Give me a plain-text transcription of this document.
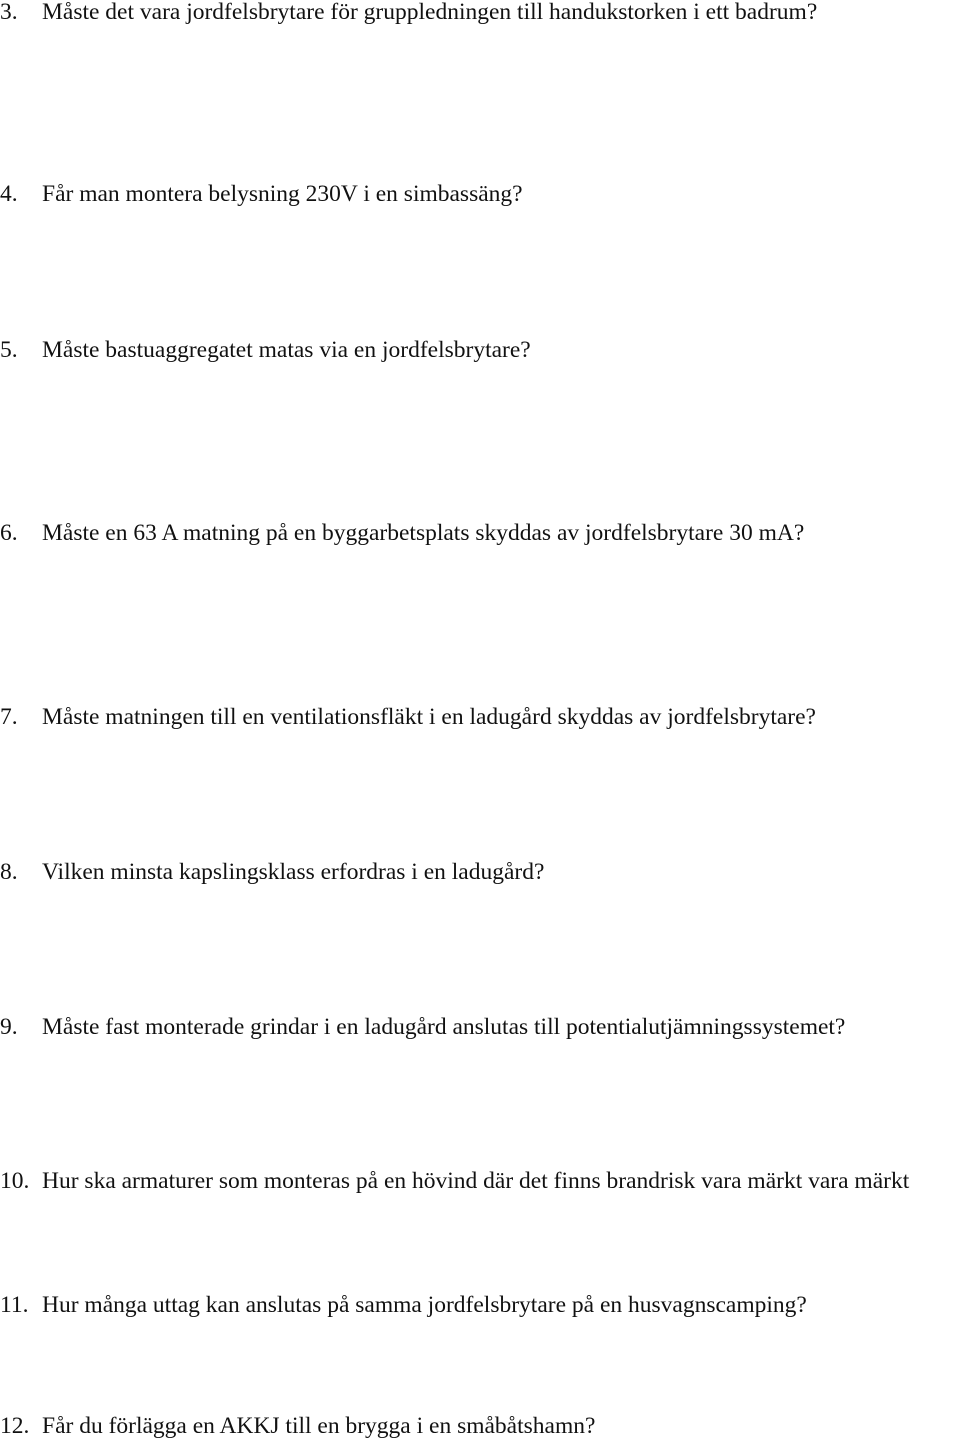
3.	Måste det vara jordfelsbrytare för gruppledningen till handukstorken i ett badrum?
4.	Får man montera belysning 230V i en simbassäng?
5.	Måste bastuaggregatet matas via en jordfelsbrytare?
6.	Måste en 63 A matning på en byggarbetsplats skyddas av jordfelsbrytare 30 mA?
7.	Måste matningen till en ventilationsfläkt i en ladugård skyddas av jordfelsbrytare?
8.	Vilken minsta kapslingsklass erfordras i en ladugård?
9.	Måste fast monterade grindar i en ladugård anslutas till potentialutjämningssystemet?
10. Hur ska armaturer som monteras på en hövind där det finns brandrisk vara märkt vara märkt
11. Hur många uttag kan anslutas på samma jordfelsbrytare på en husvagnscamping?
12. Får du förlägga en AKKJ till en brygga i en småbåtshamn?
